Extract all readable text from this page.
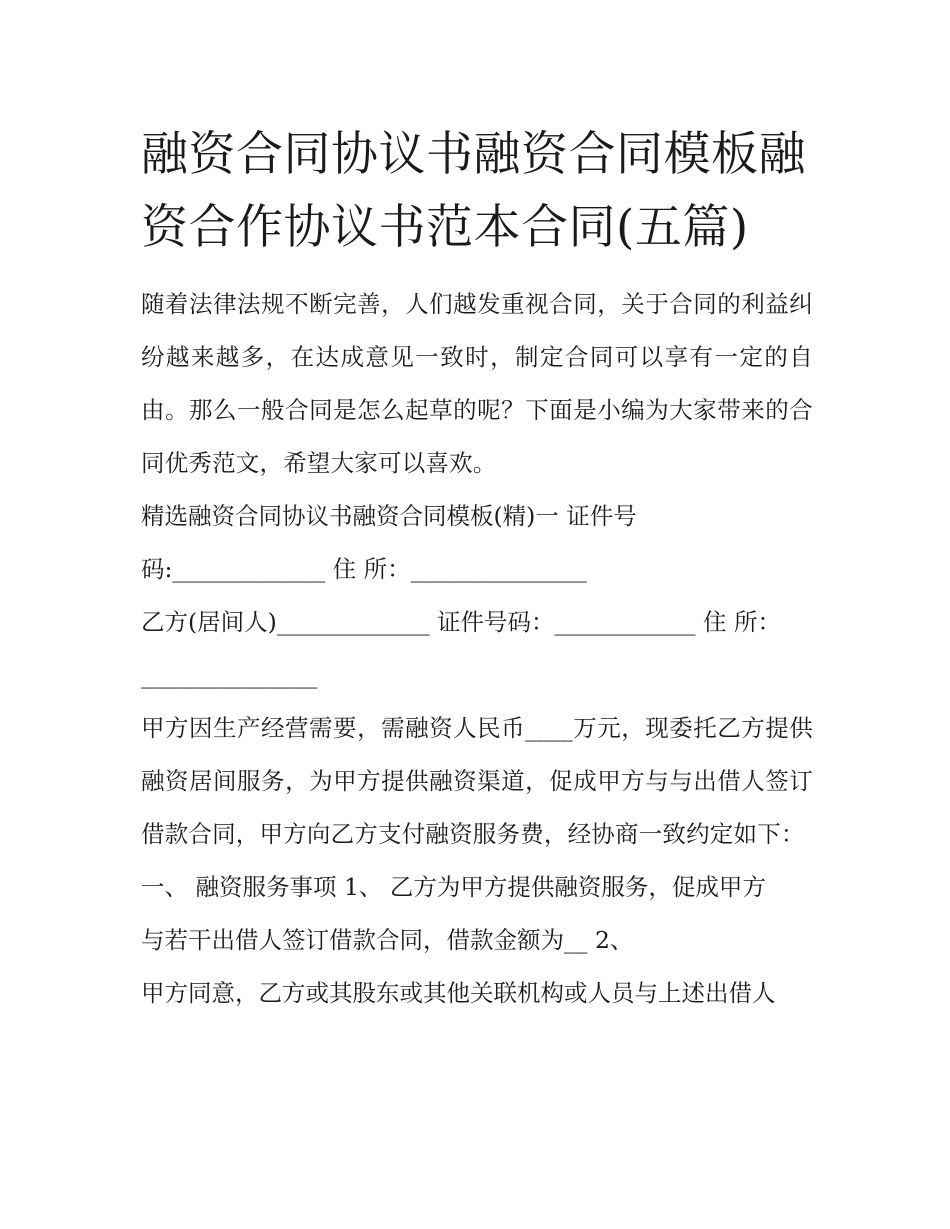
融资合同协议书融资合同模板融资合作协议书范本合同(五篇)

随着法律法规不断完善，人们越发重视合同，关于合同的利益纠纷越来越多，在达成意见一致时，制定合同可以享有一定的自由。那么一般合同是怎么起草的呢？下面是小编为大家带来的合同优秀范文，希望大家可以喜欢。

精选融资合同协议书融资合同模板(精)一 证件号

码:_____________ 住 所：_______________

乙方(居间人)_____________ 证件号码：____________ 住 所：

_______________

甲方因生产经营需要，需融资人民币____万元，现委托乙方提供融资居间服务，为甲方提供融资渠道，促成甲方与与出借人签订借款合同，甲方向乙方支付融资服务费，经协商一致约定如下：

一、 融资服务事项 1、 乙方为甲方提供融资服务，促成甲方

与若干出借人签订借款合同，借款金额为__ 2、

甲方同意，乙方或其股东或其他关联机构或人员与上述出借人
